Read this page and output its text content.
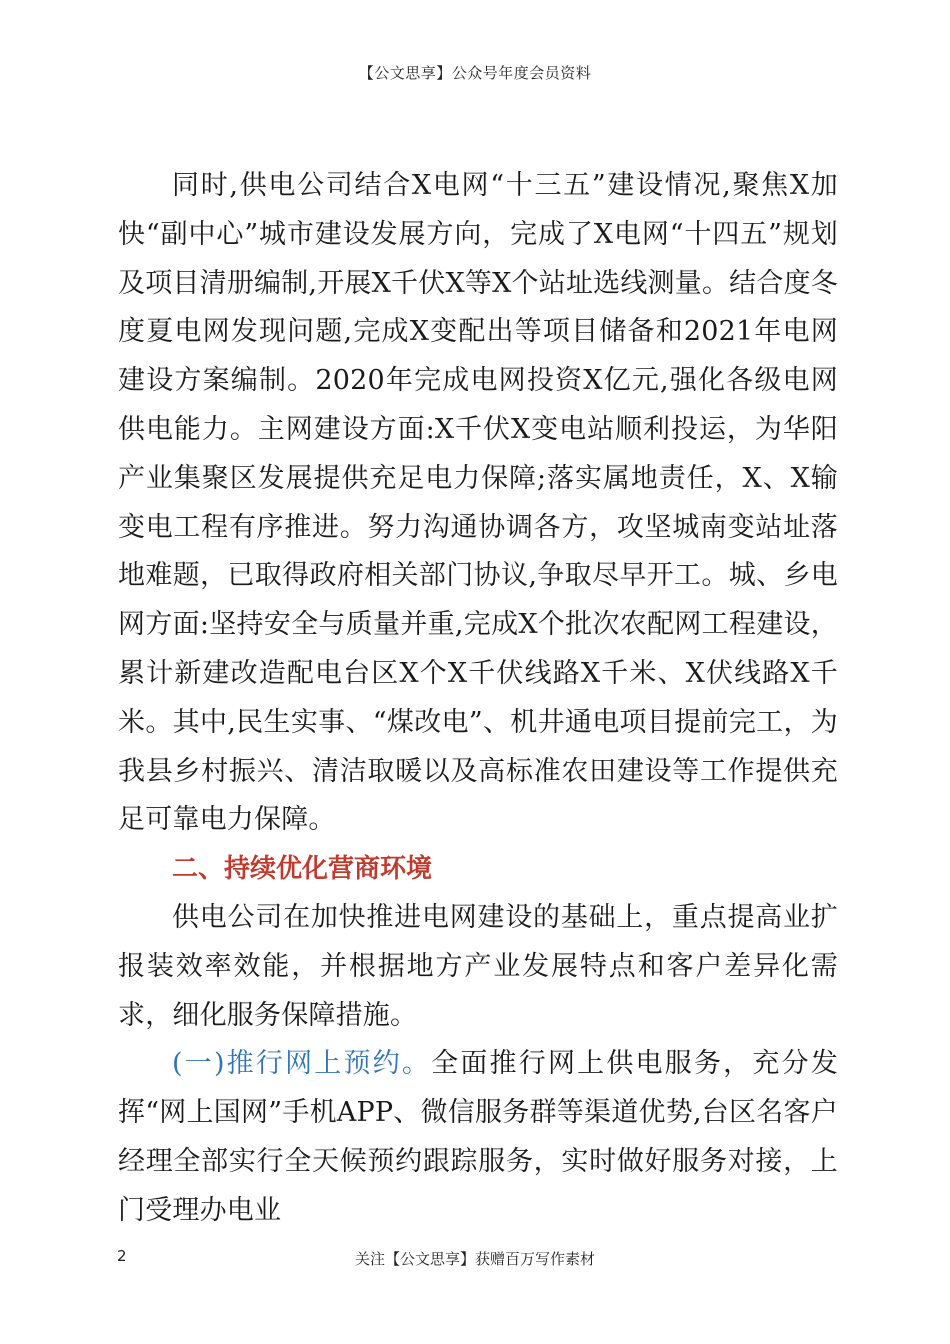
【公文思享】公众号年度会员资料

同时,供电公司结合X电网“十三五”建设情况,聚焦X加快“副中心”城市建设发展方向，完成了X电网“十四五”规划及项目清册编制,开展X千伏X等X个站址选线测量。结合度冬度夏电网发现问题,完成X变配出等项目储备和2021年电网建设方案编制。2020年完成电网投资X亿元,强化各级电网供电能力。主网建设方面:X千伏X变电站顺利投运，为华阳产业集聚区发展提供充足电力保障;落实属地责任，X、X输变电工程有序推进。努力沟通协调各方，攻坚城南变站址落地难题，已取得政府相关部门协议,争取尽早开工。城、乡电网方面:坚持安全与质量并重,完成X个批次农配网工程建设，累计新建改造配电台区X个X千伏线路X千米、X伏线路X千米。其中,民生实事、“煤改电”、机井通电项目提前完工，为我县乡村振兴、清洁取暖以及高标准农田建设等工作提供充足可靠电力保障。

二、持续优化营商环境

供电公司在加快推进电网建设的基础上，重点提高业扩报装效率效能，并根据地方产业发展特点和客户差异化需求，细化服务保障措施。

(一)推行网上预约。全面推行网上供电服务，充分发挥“网上国网”手机APP、微信服务群等渠道优势,台区名客户经理全部实行全天候预约跟踪服务，实时做好服务对接，上门受理办电业

2	关注【公文思享】获赠百万写作素材
